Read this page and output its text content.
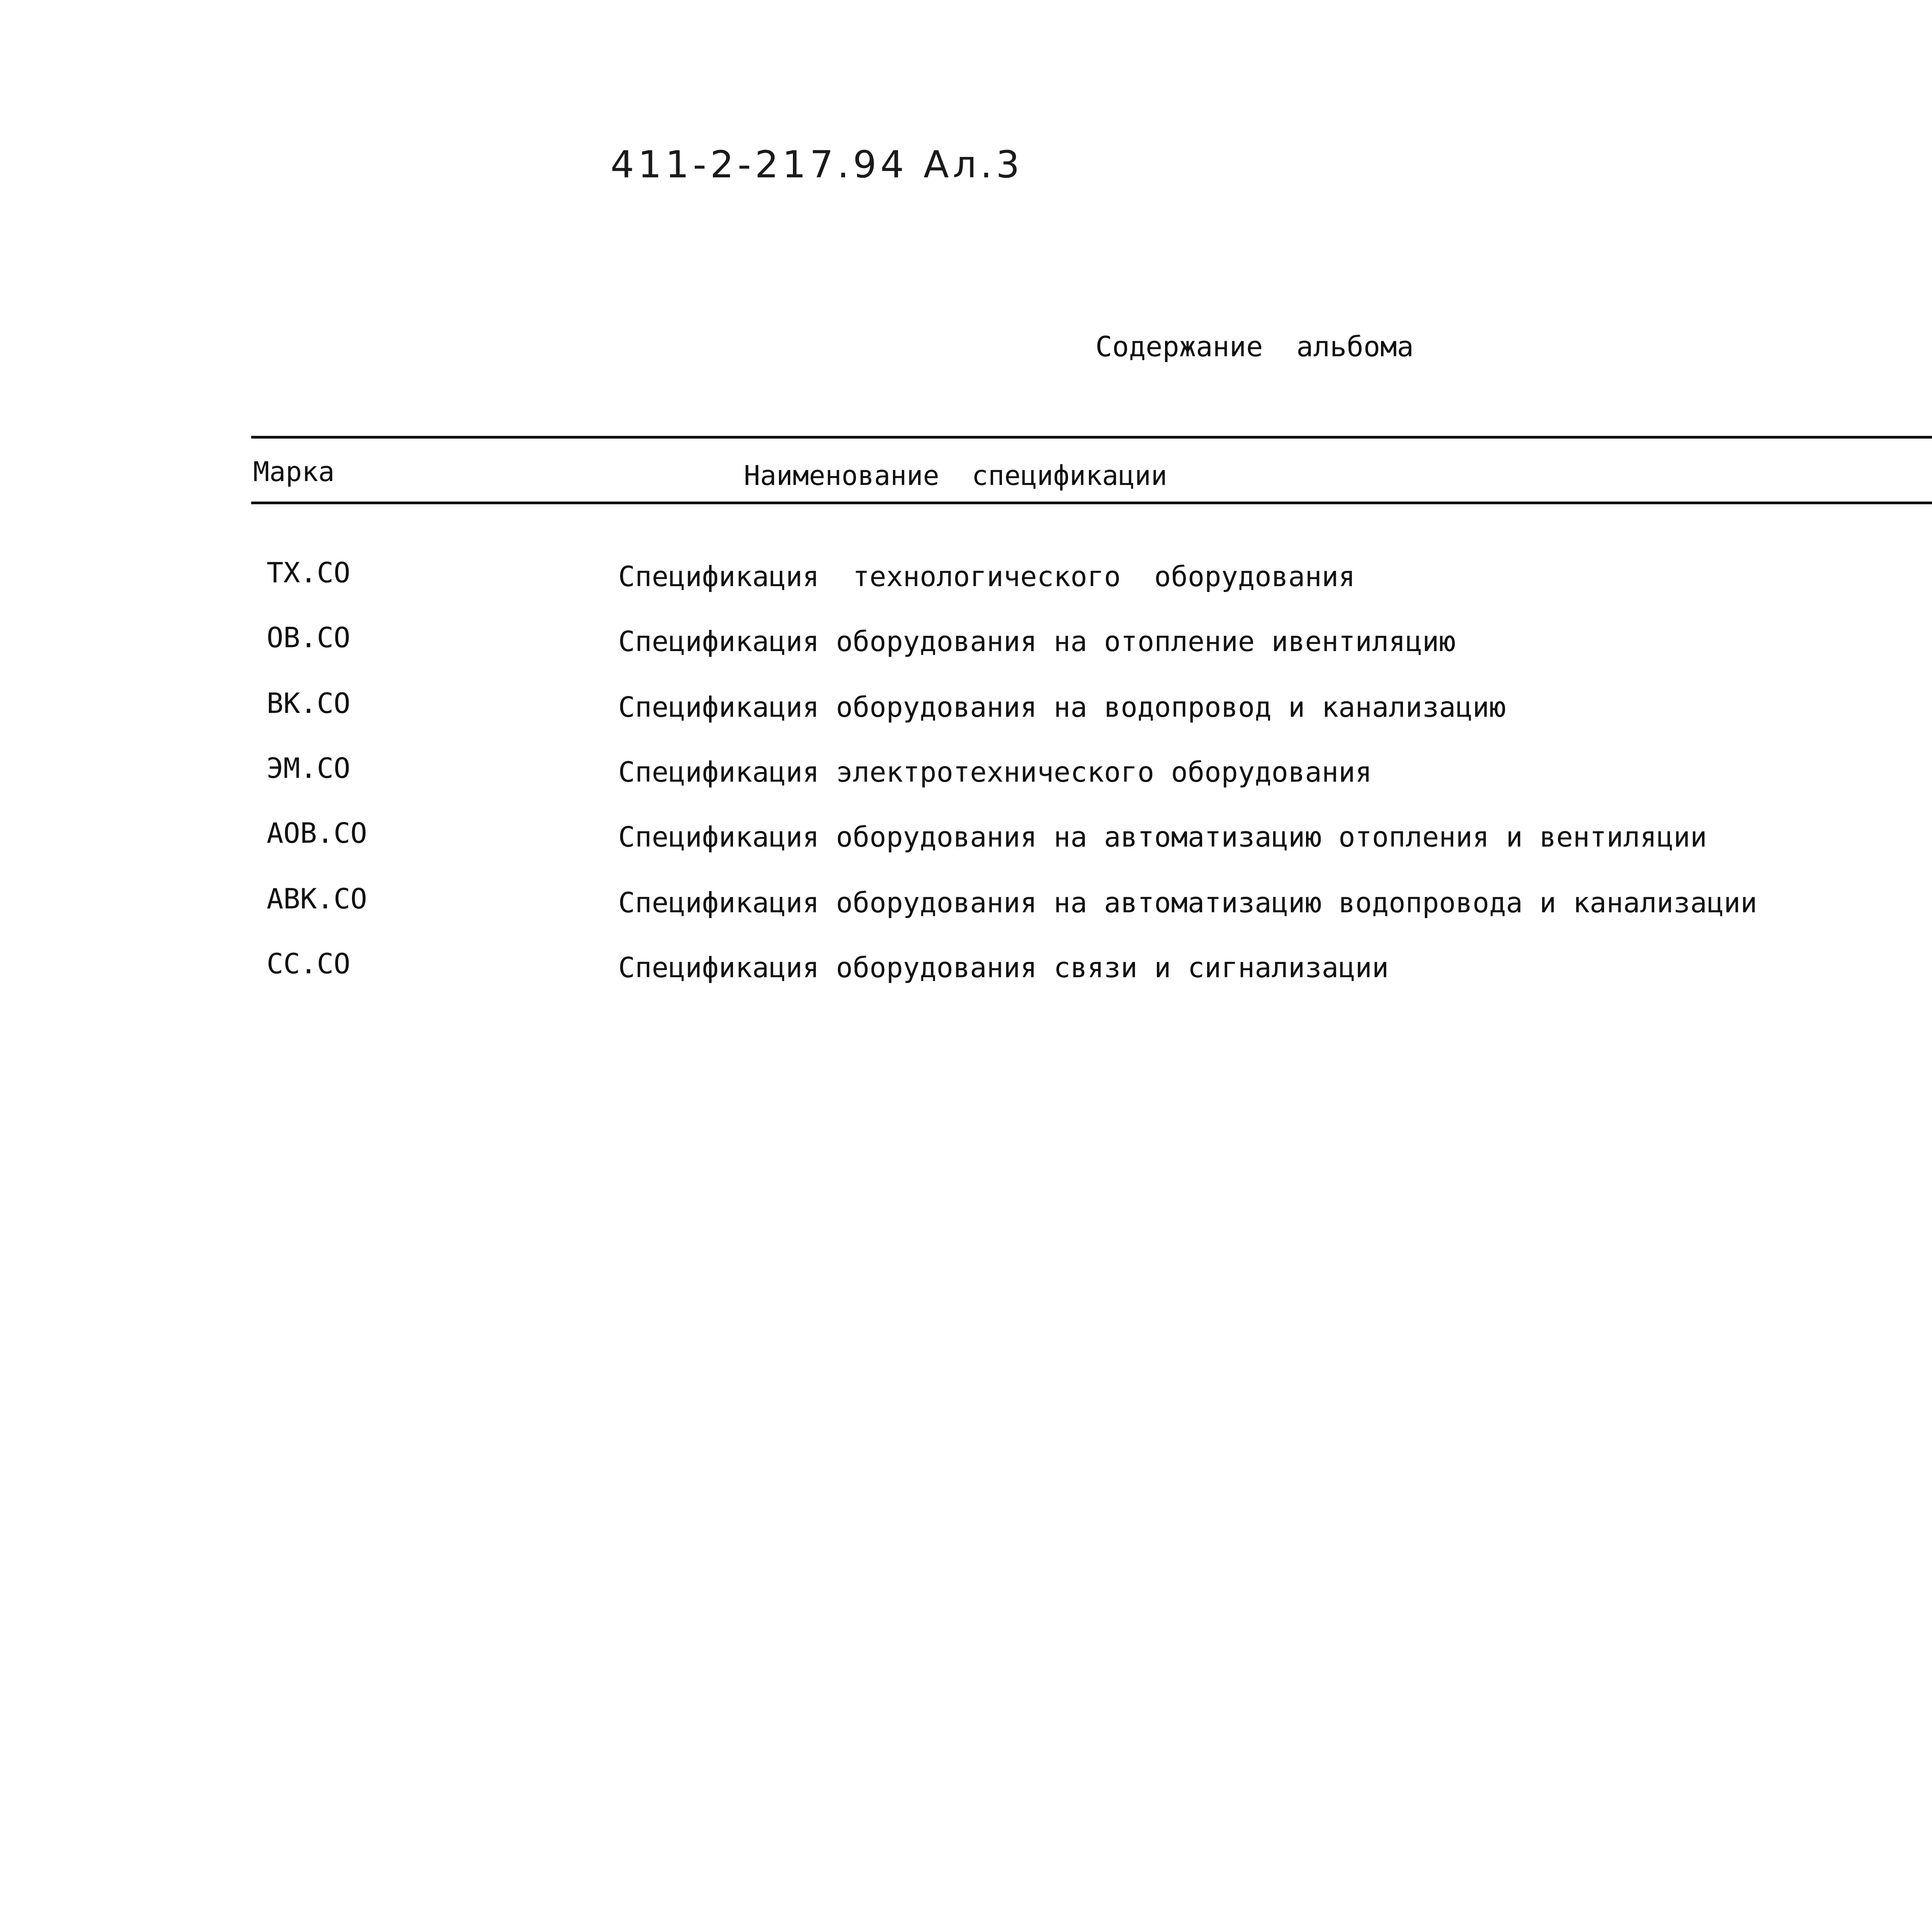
411-2-217.94 Ал.3
Содержание  альбома
Марка	Наименование  спецификации
ТХ.СО	Спецификация  технологического  оборудования
ОВ.СО	Спецификация оборудования на отопление ивентиляцию
ВК.СО	Спецификация оборудования на водопровод и канализацию
ЭМ.СО	Спецификация электротехнического оборудования
АОВ.СО	Спецификация оборудования на автоматизацию отопления и вентиляции
АВК.СО	Спецификация оборудования на автоматизацию водопровода и канализации
СС.СО	Спецификация оборудования связи и сигнализации
